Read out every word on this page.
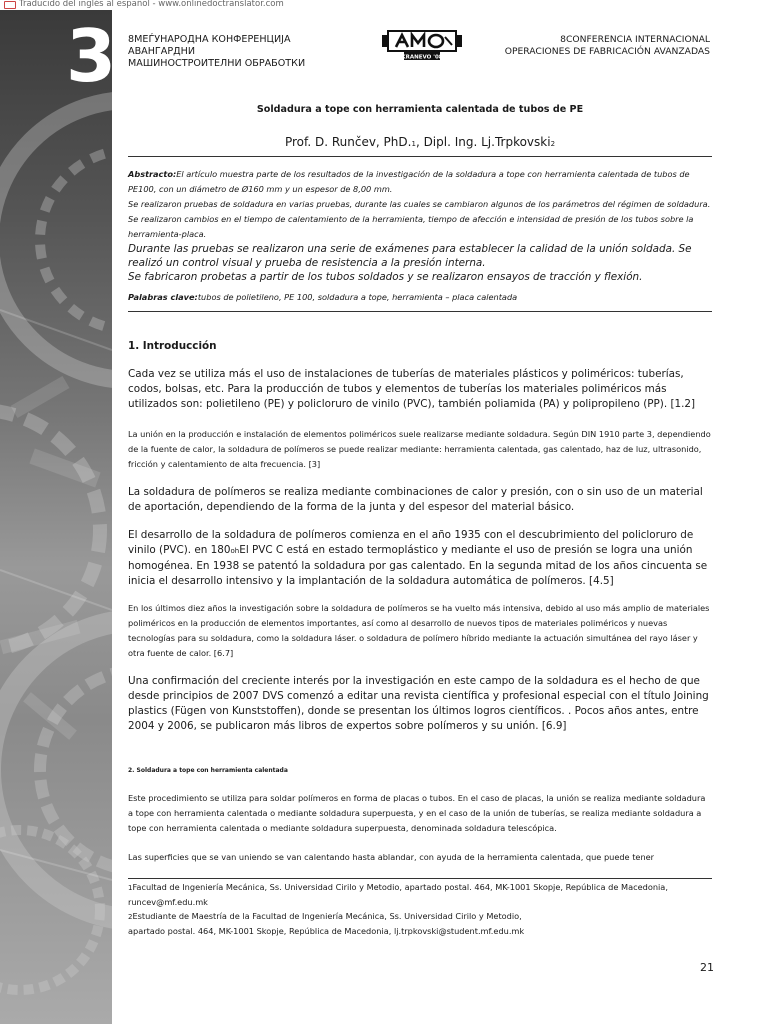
Traducido del inglés al español - www.onlinedoctranslator.com
3 8МЕЃУНАРОДНА КОНФЕРЕНЦИЈА АВАНГАРДНИ
МАШИНОСТРОИТЕЛНИ ОБРАБОТКИ
KRANEVO '08
8CONFERENCIA INTERNACIONAL
OPERACIONES DE FABRICACIÓN AVANZADAS
Soldadura a tope con herramienta calentada de tubos de PE
Prof. D. Runčev, PhD.1, Dipl. Ing. Lj.Trpkovski2

Abstracto:El artículo muestra parte de los resultados de la investigación de la soldadura a tope con herramienta calentada de tubos de PE100, con un diámetro de Ø160 mm y un espesor de 8,00 mm.

Se realizaron pruebas de soldadura en varias pruebas, durante las cuales se cambiaron algunos de los parámetros del régimen de soldadura. Se realizaron cambios en el tiempo de calentamiento de la herramienta, tiempo de afección e intensidad de presión de los tubos sobre la herramienta-placa.

Durante las pruebas se realizaron una serie de exámenes para establecer la calidad de la unión soldada. Se realizó un control visual y prueba de resistencia a la presión interna.

Se fabricaron probetas a partir de los tubos soldados y se realizaron ensayos de tracción y flexión.

Palabras clave:tubos de polietileno, PE 100, soldadura a tope, herramienta – placa calentada
1. Introducción

Cada vez se utiliza más el uso de instalaciones de tuberías de materiales plásticos y poliméricos: tuberías, codos, bolsas, etc. Para la producción de tubos y elementos de tuberías los materiales poliméricos más utilizados son: polietileno (PE) y policloruro de vinilo (PVC), también poliamida (PA) y polipropileno (PP). [1.2]

La unión en la producción e instalación de elementos poliméricos suele realizarse mediante soldadura. Según DIN 1910 parte 3, dependiendo de la fuente de calor, la soldadura de polímeros se puede realizar mediante: herramienta calentada, gas calentado, haz de luz, ultrasonido, fricción y calentamiento de alta frecuencia. [3]

La soldadura de polímeros se realiza mediante combinaciones de calor y presión, con o sin uso de un material de aportación, dependiendo de la forma de la junta y del espesor del material básico.

El desarrollo de la soldadura de polímeros comienza en el año 1935 con el descubrimiento del policloruro de vinilo (PVC). en 180ohEl PVC C está en estado termoplástico y mediante el uso de presión se logra una unión homogénea. En 1938 se patentó la soldadura por gas calentado. En la segunda mitad de los años cincuenta se inicia el desarrollo intensivo y la implantación de la soldadura automática de polímeros. [4.5]

En los últimos diez años la investigación sobre la soldadura de polímeros se ha vuelto más intensiva, debido al uso más amplio de materiales poliméricos en la producción de elementos importantes, así como al desarrollo de nuevos tipos de materiales poliméricos y nuevas tecnologías para su soldadura, como la soldadura láser. o soldadura de polímero híbrido mediante la actuación simultánea del rayo láser y otra fuente de calor. [6.7]

Una confirmación del creciente interés por la investigación en este campo de la soldadura es el hecho de que desde principios de 2007 DVS comenzó a editar una revista científica y profesional especial con el título Joining plastics (Fügen von Kunststoffen), donde se presentan los últimos logros científicos. . Pocos años antes, entre 2004 y 2006, se publicaron más libros de expertos sobre polímeros y su unión. [6.9]

2. Soldadura a tope con herramienta calentada

Este procedimiento se utiliza para soldar polímeros en forma de placas o tubos. En el caso de placas, la unión se realiza mediante soldadura a tope con herramienta calentada o mediante soldadura superpuesta, y en el caso de la unión de tuberías, se realiza mediante soldadura a tope con herramienta calentada o mediante soldadura superpuesta, denominada soldadura telescópica.

Las superficies que se van uniendo se van calentando hasta ablandar, con ayuda de la herramienta calentada, que puede tener

1Facultad de Ingeniería Mecánica, Ss. Universidad Cirilo y Metodio, apartado postal. 464, MK-1001 Skopje, República de Macedonia,
runcev@mf.edu.mk
2Estudiante de Maestría de la Facultad de Ingeniería Mecánica, Ss. Universidad Cirilo y Metodio,
apartado postal. 464, MK-1001 Skopje, República de Macedonia, lj.trpkovski@student.mf.edu.mk
21
